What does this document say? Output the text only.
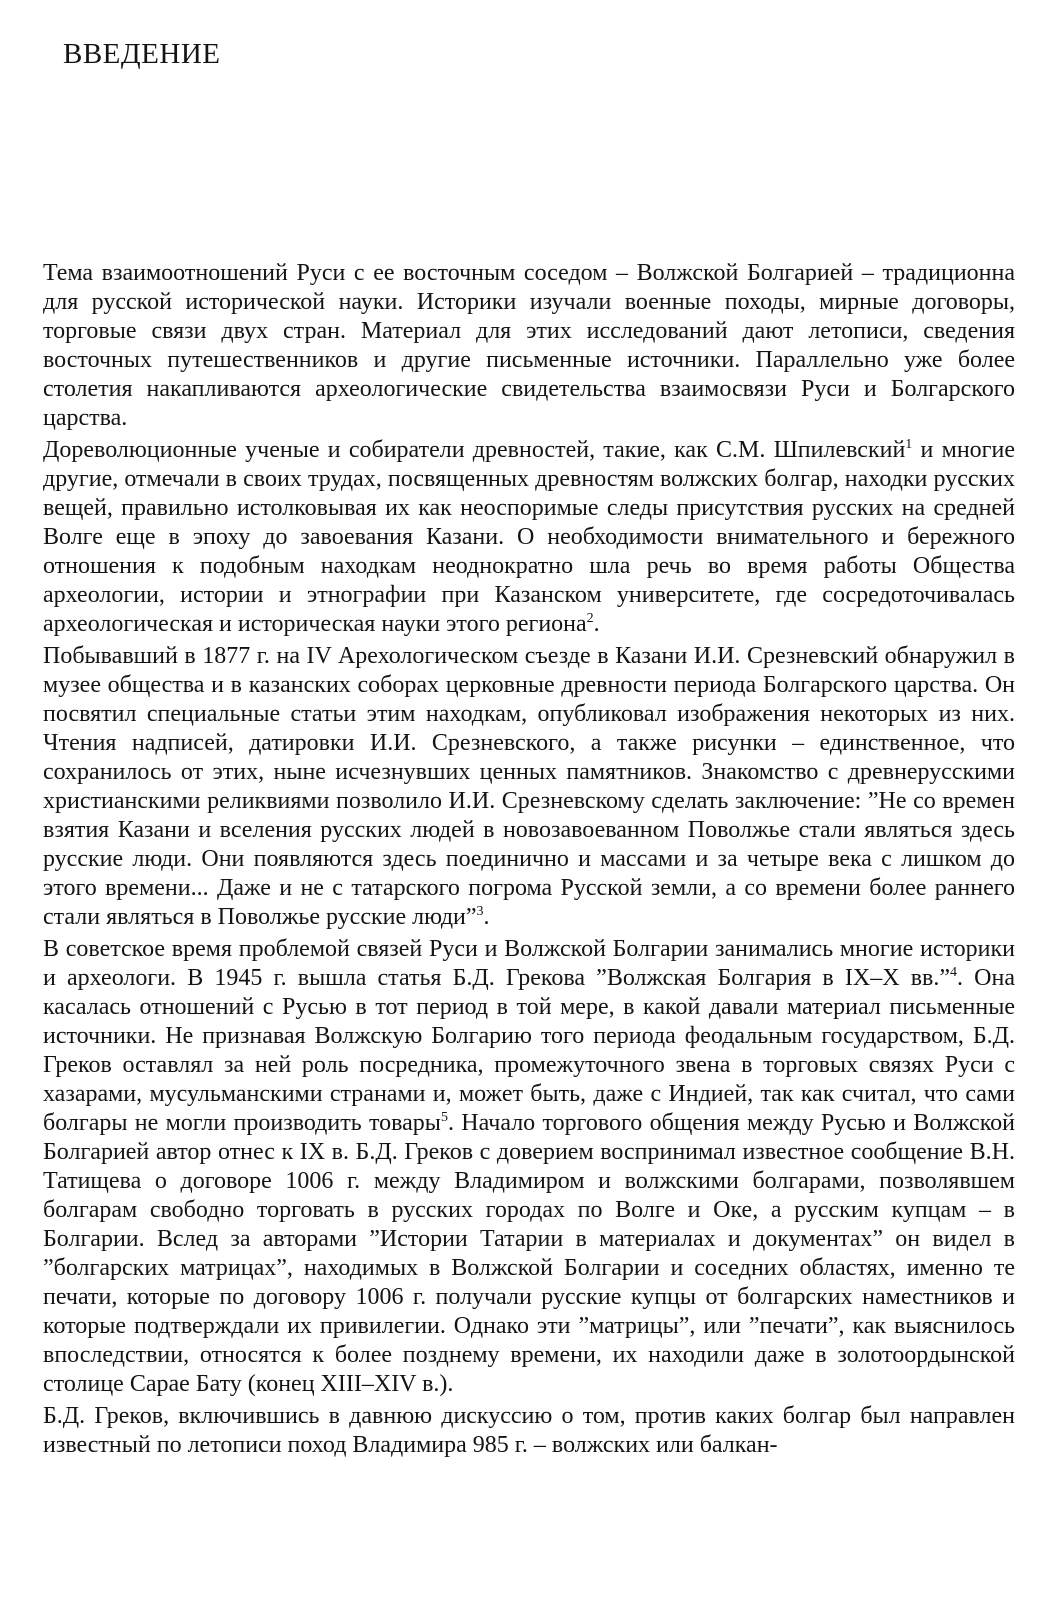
ВВЕДЕНИЕ

Тема взаимоотношений Руси с ее восточным соседом – Волжской Болгарией – традиционна для русской исторической науки. Историки изучали военные походы, мирные договоры, торговые связи двух стран. Материал для этих исследований дают летописи, сведения восточных путешественников и другие письменные источники. Параллельно уже более столетия накапливаются археологические свидетельства взаимосвязи Руси и Болгарского царства.

Дореволюционные ученые и собиратели древностей, такие, как С.М. Шпилевский$^1$ и многие другие, отмечали в своих трудах, посвященных древностям волжских болгар, находки русских вещей, правильно истолковывая их как неоспоримые следы присутствия русских на средней Волге еще в эпоху до завоевания Казани. О необходимости внимательного и бережного отношения к подобным находкам неоднократно шла речь во время работы Общества археологии, истории и этнографии при Казанском университете, где сосредоточивалась археологическая и историческая науки этого региона$^2$.

Побывавший в 1877 г. на IV Арехологическом съезде в Казани И.И. Срезневский обнаружил в музее общества и в казанских соборах церковные древности периода Болгарского царства. Он посвятил специальные статьи этим находкам, опубликовал изображения некоторых из них. Чтения надписей, датировки И.И. Срезневского, а также рисунки – единственное, что сохранилось от этих, ныне исчезнувших ценных памятников. Знакомство с древнерусскими христианскими реликвиями позволило И.И. Срезневскому сделать заключение: ”Не со времен взятия Казани и вселения русских людей в новозавоеванном Поволжье стали являться здесь русские люди. Они появляются здесь поединично и массами и за четыре века с лишком до этого времени... Даже и не с татарского погрома Русской земли, а со времени более раннего стали являться в Поволжье русские люди”$^3$.

В советское время проблемой связей Руси и Волжской Болгарии занимались многие историки и археологи. В 1945 г. вышла статья Б.Д. Грекова ”Волжская Болгария в IX–X вв.”$^4$. Она касалась отношений с Русью в тот период в той мере, в какой давали материал письменные источники. Не признавая Волжскую Болгарию того периода феодальным государством, Б.Д. Греков оставлял за ней роль посредника, промежуточного звена в торговых связях Руси с хазарами, мусульманскими странами и, может быть, даже с Индией, так как считал, что сами болгары не могли производить товары$^5$. Начало торгового общения между Русью и Волжской Болгарией автор отнес к IX в. Б.Д. Греков с доверием воспринимал известное сообщение В.Н. Татищева о договоре 1006 г. между Владимиром и волжскими болгарами, позволявшем болгарам свободно торговать в русских городах по Волге и Оке, а русским купцам – в Болгарии. Вслед за авторами ”Истории Татарии в материалах и документах” он видел в ”болгарских матрицах”, находимых в Волжской Болгарии и соседних областях, именно те печати, которые по договору 1006 г. получали русские купцы от болгарских наместников и которые подтверждали их привилегии. Однако эти ”матрицы”, или ”печати”, как выяснилось впоследствии, относятся к более позднему времени, их находили даже в золотоордынской столице Сарае Бату (конец XIII–XIV в.).

Б.Д. Греков, включившись в давнюю дискуссию о том, против каких болгар был направлен известный по летописи поход Владимира 985 г. – волжских или балкан-
